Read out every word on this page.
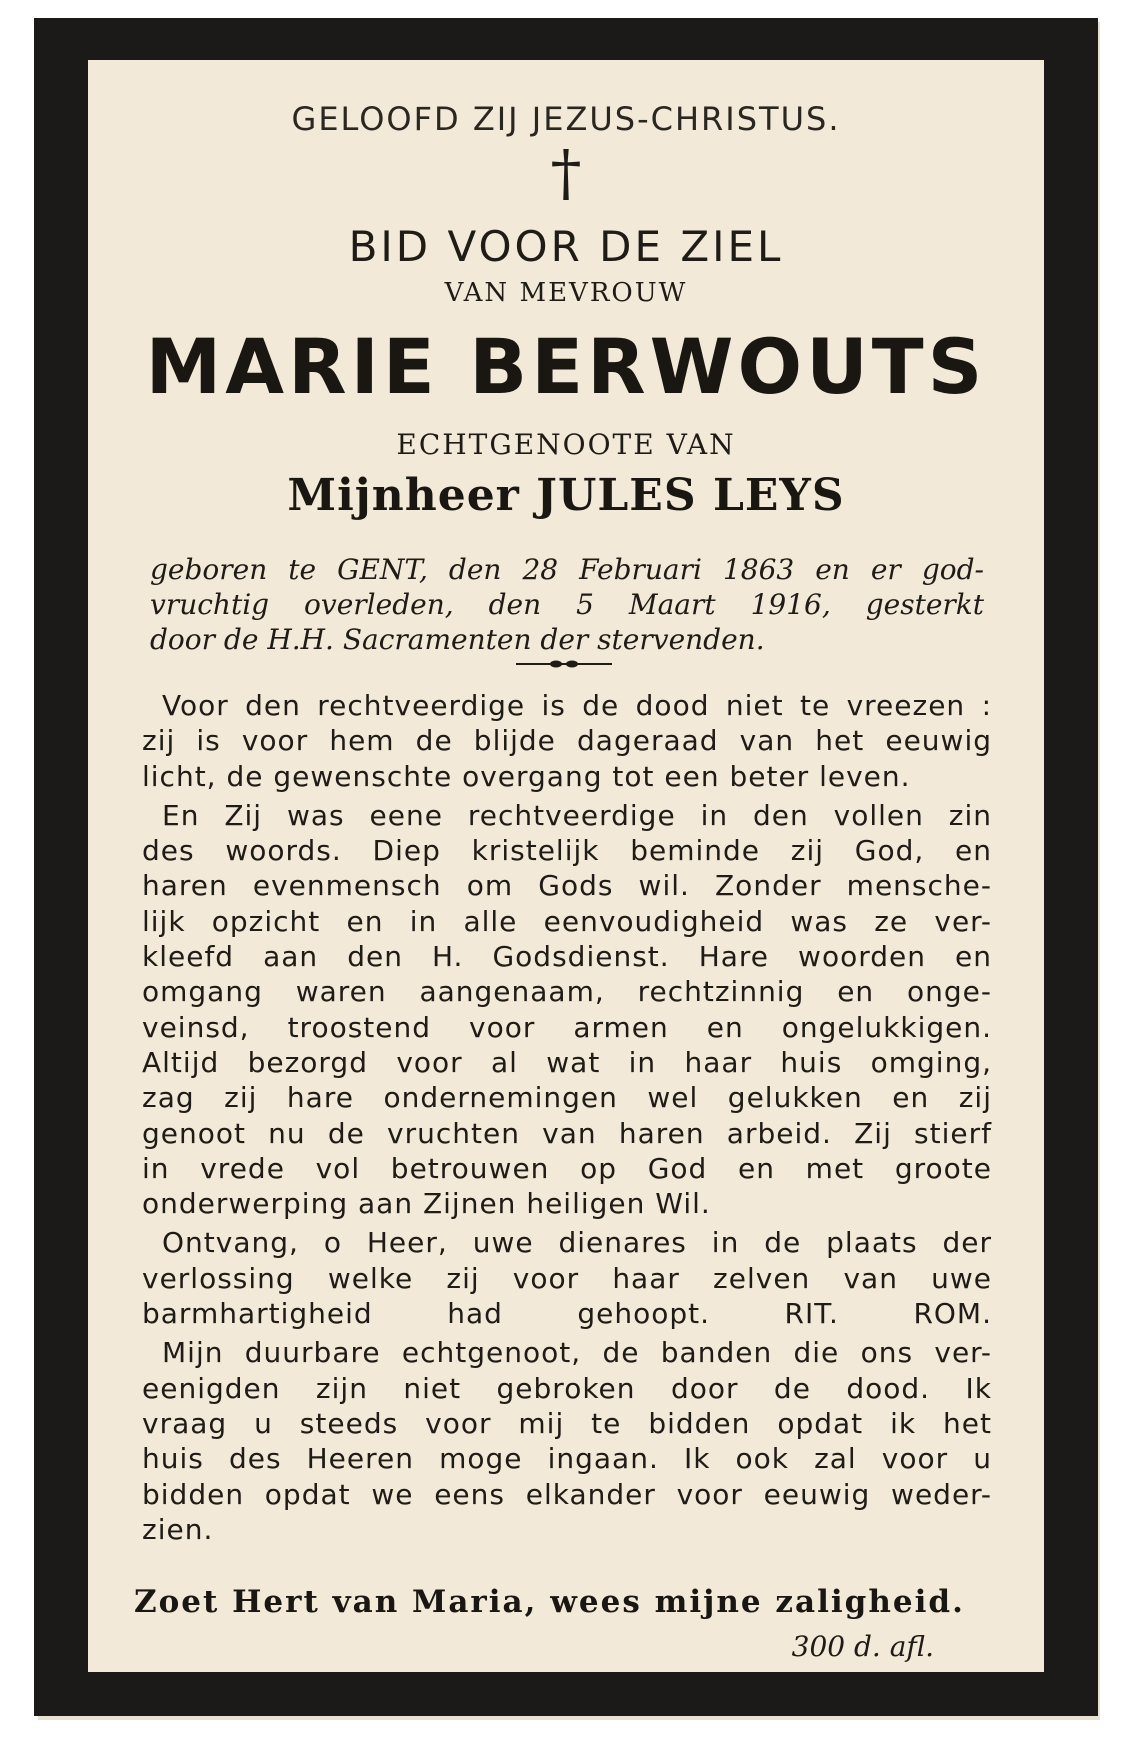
GELOOFD ZIJ JEZUS-CHRISTUS.
†
BID VOOR DE ZIEL
VAN MEVROUW
MARIE BERWOUTS
ECHTGENOOTE VAN
Mijnheer JULES LEYS
geboren te GENT, den 28 Februari 1863 en er god-
vruchtig overleden, den 5 Maart 1916, gesterkt
door de H.H. Sacramenten der stervenden.
Voor den rechtveerdige is de dood niet te vreezen :
zij is voor hem de blijde dageraad van het eeuwig
licht, de gewenschte overgang tot een beter leven.
En Zij was eene rechtveerdige in den vollen zin
des woords. Diep kristelijk beminde zij God, en
haren evenmensch om Gods wil. Zonder mensche-
lijk opzicht en in alle eenvoudigheid was ze ver-
kleefd aan den H. Godsdienst. Hare woorden en
omgang waren aangenaam, rechtzinnig en onge-
veinsd, troostend voor armen en ongelukkigen.
Altijd bezorgd voor al wat in haar huis omging,
zag zij hare ondernemingen wel gelukken en zij
genoot nu de vruchten van haren arbeid. Zij stierf
in vrede vol betrouwen op God en met groote
onderwerping aan Zijnen heiligen Wil.
Ontvang, o Heer, uwe dienares in de plaats der
verlossing welke zij voor haar zelven van uwe
barmhartigheid had gehoopt.	RIT. ROM.
Mijn duurbare echtgenoot, de banden die ons ver-
eenigden zijn niet gebroken door de dood. Ik
vraag u steeds voor mij te bidden opdat ik het
huis des Heeren moge ingaan. Ik ook zal voor u
bidden opdat we eens elkander voor eeuwig weder-
zien.
Zoet Hert van Maria, wees mijne zaligheid.
300 d. afl.
